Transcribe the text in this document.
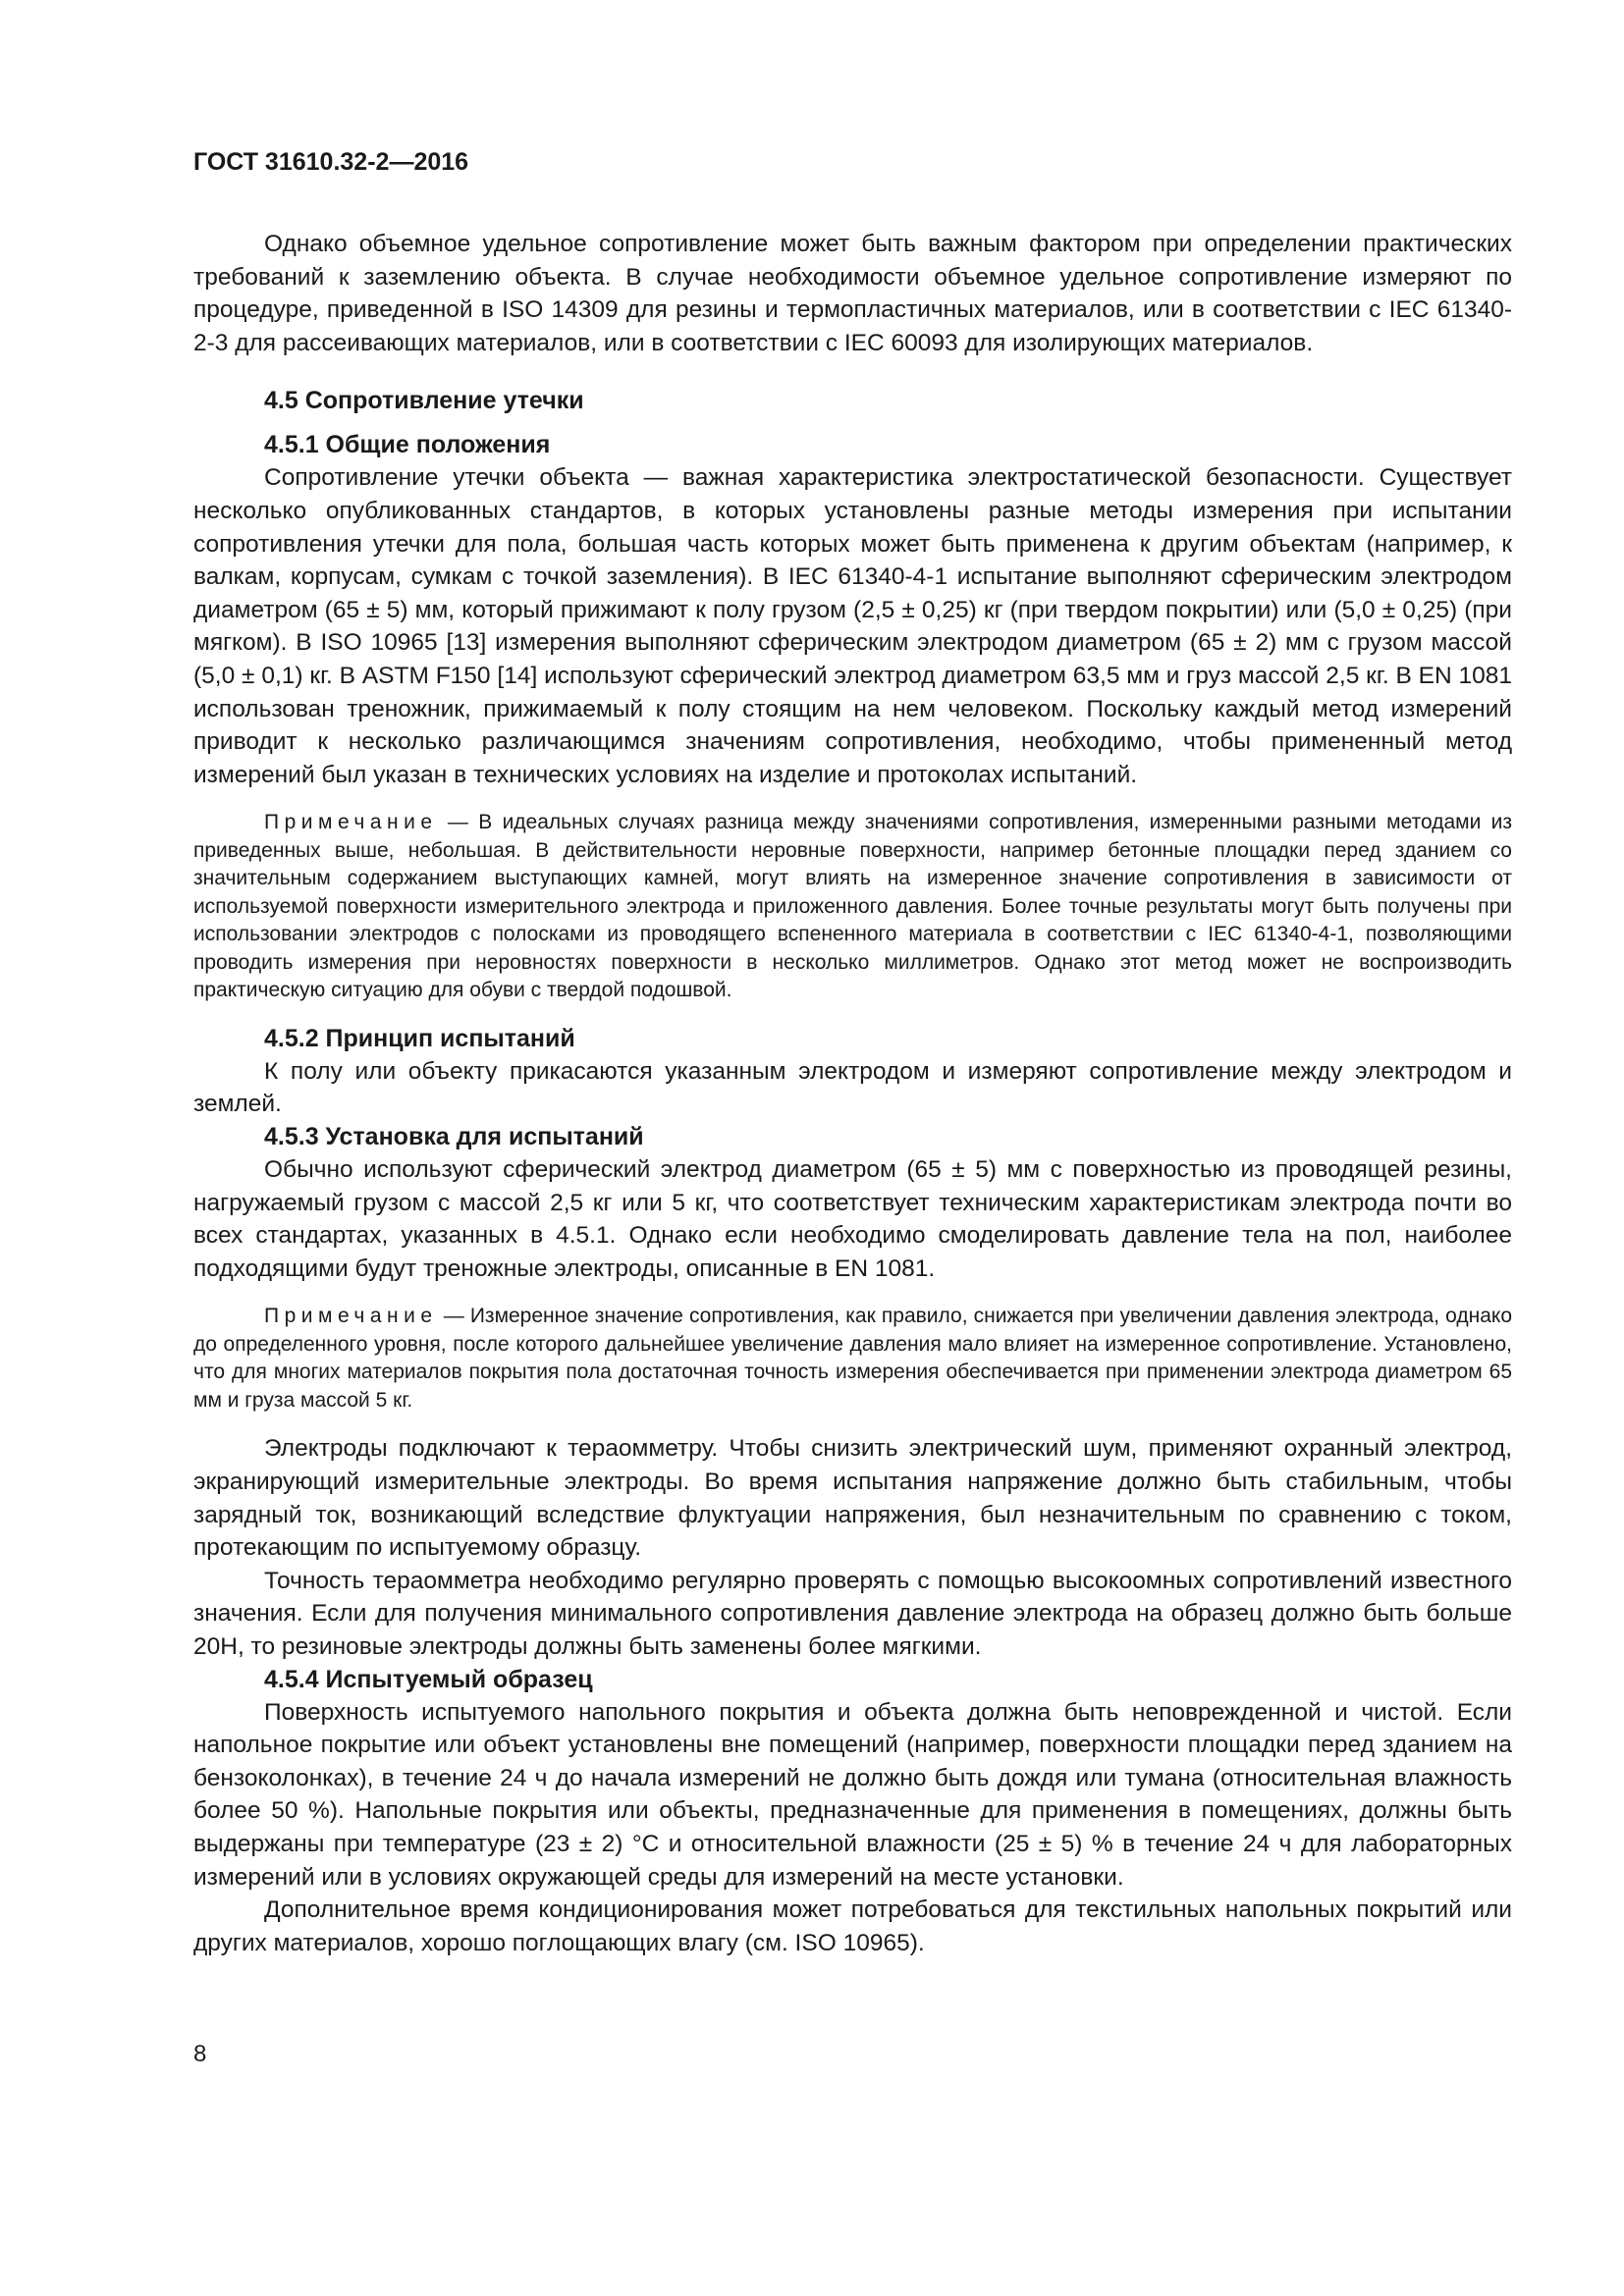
ГОСТ 31610.32-2—2016

Однако объемное удельное сопротивление может быть важным фактором при определении практических требований к заземлению объекта. В случае необходимости объемное удельное сопротивление измеряют по процедуре, приведенной в ISO 14309 для резины и термопластичных материалов, или в соответствии с IEC 61340-2-3 для рассеивающих материалов, или в соответствии с IEC 60093 для изолирующих материалов.

4.5 Сопротивление утечки
4.5.1 Общие положения

Сопротивление утечки объекта — важная характеристика электростатической безопасности. Существует несколько опубликованных стандартов, в которых установлены разные методы измерения при испытании сопротивления утечки для пола, большая часть которых может быть применена к другим объектам (например, к валкам, корпусам, сумкам с точкой заземления). В IEC 61340-4-1 испытание выполняют сферическим электродом диаметром (65 ± 5) мм, который прижимают к полу грузом (2,5 ± 0,25) кг (при твердом покрытии) или (5,0 ± 0,25) (при мягком). В ISO 10965 [13] измерения выполняют сферическим электродом диаметром (65 ± 2) мм с грузом массой (5,0 ± 0,1) кг. В ASTM F150 [14] используют сферический электрод диаметром 63,5 мм и груз массой 2,5 кг. В EN 1081 использован треножник, прижимаемый к полу стоящим на нем человеком. Поскольку каждый метод измерений приводит к несколько различающимся значениям сопротивления, необходимо, чтобы примененный метод измерений был указан в технических условиях на изделие и протоколах испытаний.

Примечание — В идеальных случаях разница между значениями сопротивления, измеренными разными методами из приведенных выше, небольшая. В действительности неровные поверхности, например бетонные площадки перед зданием со значительным содержанием выступающих камней, могут влиять на измеренное значение сопротивления в зависимости от используемой поверхности измерительного электрода и приложенного давления. Более точные результаты могут быть получены при использовании электродов с полосками из проводящего вспененного материала в соответствии с IEC 61340-4-1, позволяющими проводить измерения при неровностях поверхности в несколько миллиметров. Однако этот метод может не воспроизводить практическую ситуацию для обуви с твердой подошвой.

4.5.2 Принцип испытаний

К полу или объекту прикасаются указанным электродом и измеряют сопротивление между электродом и землей.

4.5.3 Установка для испытаний

Обычно используют сферический электрод диаметром (65 ± 5) мм с поверхностью из проводящей резины, нагружаемый грузом с массой 2,5 кг или 5 кг, что соответствует техническим характеристикам электрода почти во всех стандартах, указанных в 4.5.1. Однако если необходимо смоделировать давление тела на пол, наиболее подходящими будут треножные электроды, описанные в EN 1081.

Примечание — Измеренное значение сопротивления, как правило, снижается при увеличении давления электрода, однако до определенного уровня, после которого дальнейшее увеличение давления мало влияет на измеренное сопротивление. Установлено, что для многих материалов покрытия пола достаточная точность измерения обеспечивается при применении электрода диаметром 65 мм и груза массой 5 кг.

Электроды подключают к тераомметру. Чтобы снизить электрический шум, применяют охранный электрод, экранирующий измерительные электроды. Во время испытания напряжение должно быть стабильным, чтобы зарядный ток, возникающий вследствие флуктуации напряжения, был незначительным по сравнению с током, протекающим по испытуемому образцу.

Точность тераомметра необходимо регулярно проверять с помощью высокоомных сопротивлений известного значения. Если для получения минимального сопротивления давление электрода на образец должно быть больше 20Н, то резиновые электроды должны быть заменены более мягкими.

4.5.4 Испытуемый образец

Поверхность испытуемого напольного покрытия и объекта должна быть неповрежденной и чистой. Если напольное покрытие или объект установлены вне помещений (например, поверхности площадки перед зданием на бензоколонках), в течение 24 ч до начала измерений не должно быть дождя или тумана (относительная влажность более 50 %). Напольные покрытия или объекты, предназначенные для применения в помещениях, должны быть выдержаны при температуре (23 ± 2) °С и относительной влажности (25 ± 5) % в течение 24 ч для лабораторных измерений или в условиях окружающей среды для измерений на месте установки.

Дополнительное время кондиционирования может потребоваться для текстильных напольных покрытий или других материалов, хорошо поглощающих влагу (см. ISO 10965).

8
